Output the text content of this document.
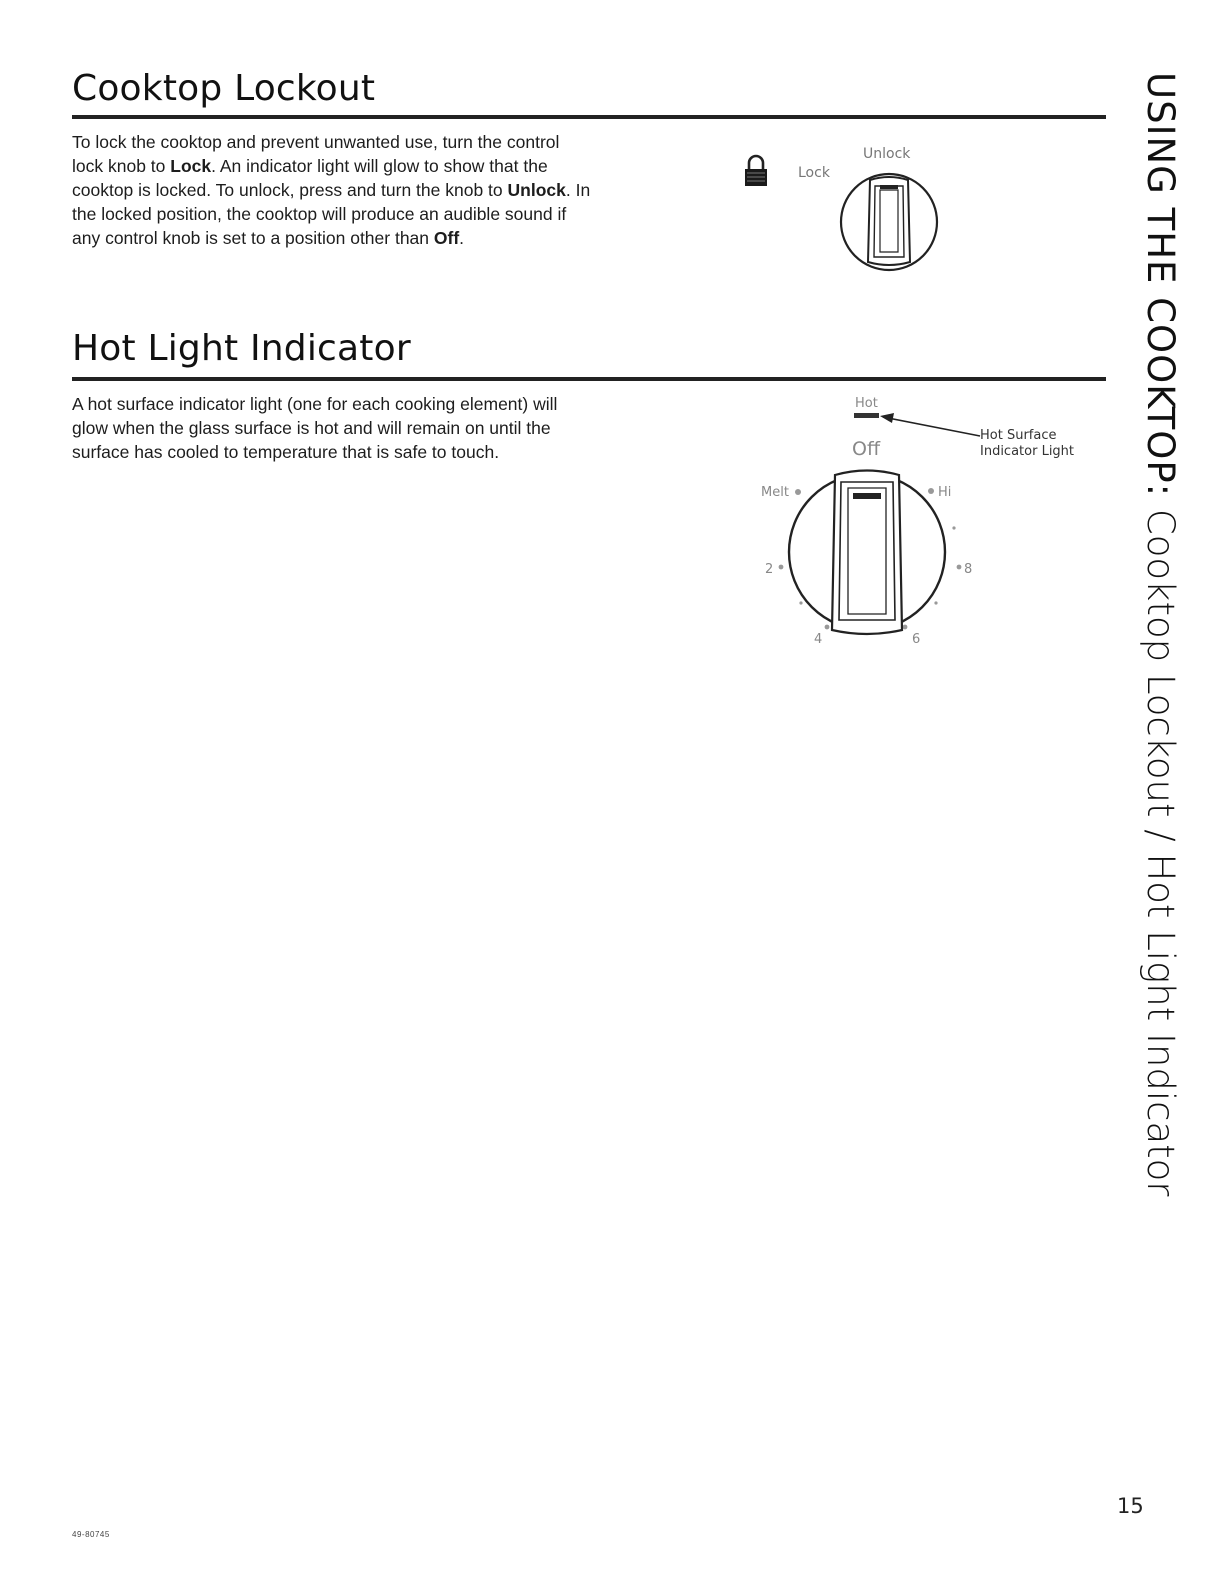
Cooktop Lockout

To lock the cooktop and prevent unwanted use, turn the control lock knob to Lock. An indicator light will glow to show that the cooktop is locked. To unlock, press and turn the knob to Unlock. In the locked position, the cooktop will produce an audible sound if any control knob is set to a position other than Off.

Lock
Unlock
Hot Light Indicator

A hot surface indicator light (one for each cooking element) will glow when the glass surface is hot and will remain on until the surface has cooled to temperature that is safe to touch.

Hot
Hot Surface
Indicator Light
Off
Melt	Hi
2	8
4	6
USING THE COOKTOP: Cooktop Lockout / Hot Light Indicator
49-80745
15
